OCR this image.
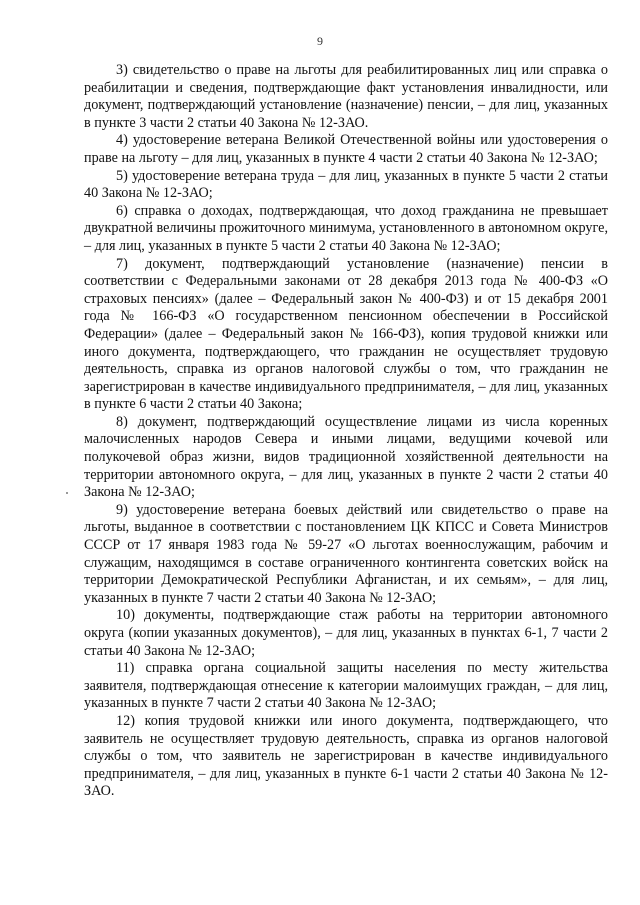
9

3) свидетельство о праве на льготы для реабилитированных лиц или справка о реабилитации и сведения, подтверждающие факт установления инвалидности, или документ, подтверждающий установление (назначение) пенсии, – для лиц, указанных в пункте 3 части 2 статьи 40 Закона № 12-ЗАО.

4) удостоверение ветерана Великой Отечественной войны или удостоверения о праве на льготу – для лиц, указанных в пункте 4 части 2 статьи 40 Закона № 12-ЗАО;

5) удостоверение ветерана труда – для лиц, указанных в пункте 5 части 2 статьи 40 Закона № 12-ЗАО;

6) справка о доходах, подтверждающая, что доход гражданина не превышает двукратной величины прожиточного минимума, установленного в автономном округе, – для лиц, указанных в пункте 5 части 2 статьи 40 Закона № 12-ЗАО;

7) документ, подтверждающий установление (назначение) пенсии в соответствии с Федеральными законами от 28 декабря 2013 года № 400-ФЗ «О страховых пенсиях» (далее – Федеральный закон № 400-ФЗ) и от 15 декабря 2001 года № 166-ФЗ «О государственном пенсионном обеспечении в Российской Федерации» (далее – Федеральный закон № 166-ФЗ), копия трудовой книжки или иного документа, подтверждающего, что гражданин не осуществляет трудовую деятельность, справка из органов налоговой службы о том, что гражданин не зарегистрирован в качестве индивидуального предпринимателя, – для лиц, указанных в пункте 6 части 2 статьи 40 Закона;

8) документ, подтверждающий осуществление лицами из числа коренных малочисленных народов Севера и иными лицами, ведущими кочевой или полукочевой образ жизни, видов традиционной хозяйственной деятельности на территории автономного округа, – для лиц, указанных в пункте 2 части 2 статьи 40 Закона № 12-ЗАО;

9) удостоверение ветерана боевых действий или свидетельство о праве на льготы, выданное в соответствии с постановлением ЦК КПСС и Совета Министров СССР от 17 января 1983 года № 59-27 «О льготах военнослужащим, рабочим и служащим, находящимся в составе ограниченного контингента советских войск на территории Демократической Республики Афганистан, и их семьям», – для лиц, указанных в пункте 7 части 2 статьи 40 Закона № 12-ЗАО;

10) документы, подтверждающие стаж работы на территории автономного округа (копии указанных документов), – для лиц, указанных в пунктах 6-1, 7 части 2 статьи 40 Закона № 12-ЗАО;

11) справка органа социальной защиты населения по месту жительства заявителя, подтверждающая отнесение к категории малоимущих граждан, – для лиц, указанных в пункте 7 части 2 статьи 40 Закона № 12-ЗАО;

12) копия трудовой книжки или иного документа, подтверждающего, что заявитель не осуществляет трудовую деятельность, справка из органов налоговой службы о том, что заявитель не зарегистрирован в качестве индивидуального предпринимателя, – для лиц, указанных в пункте 6-1 части 2 статьи 40 Закона № 12-ЗАО.
